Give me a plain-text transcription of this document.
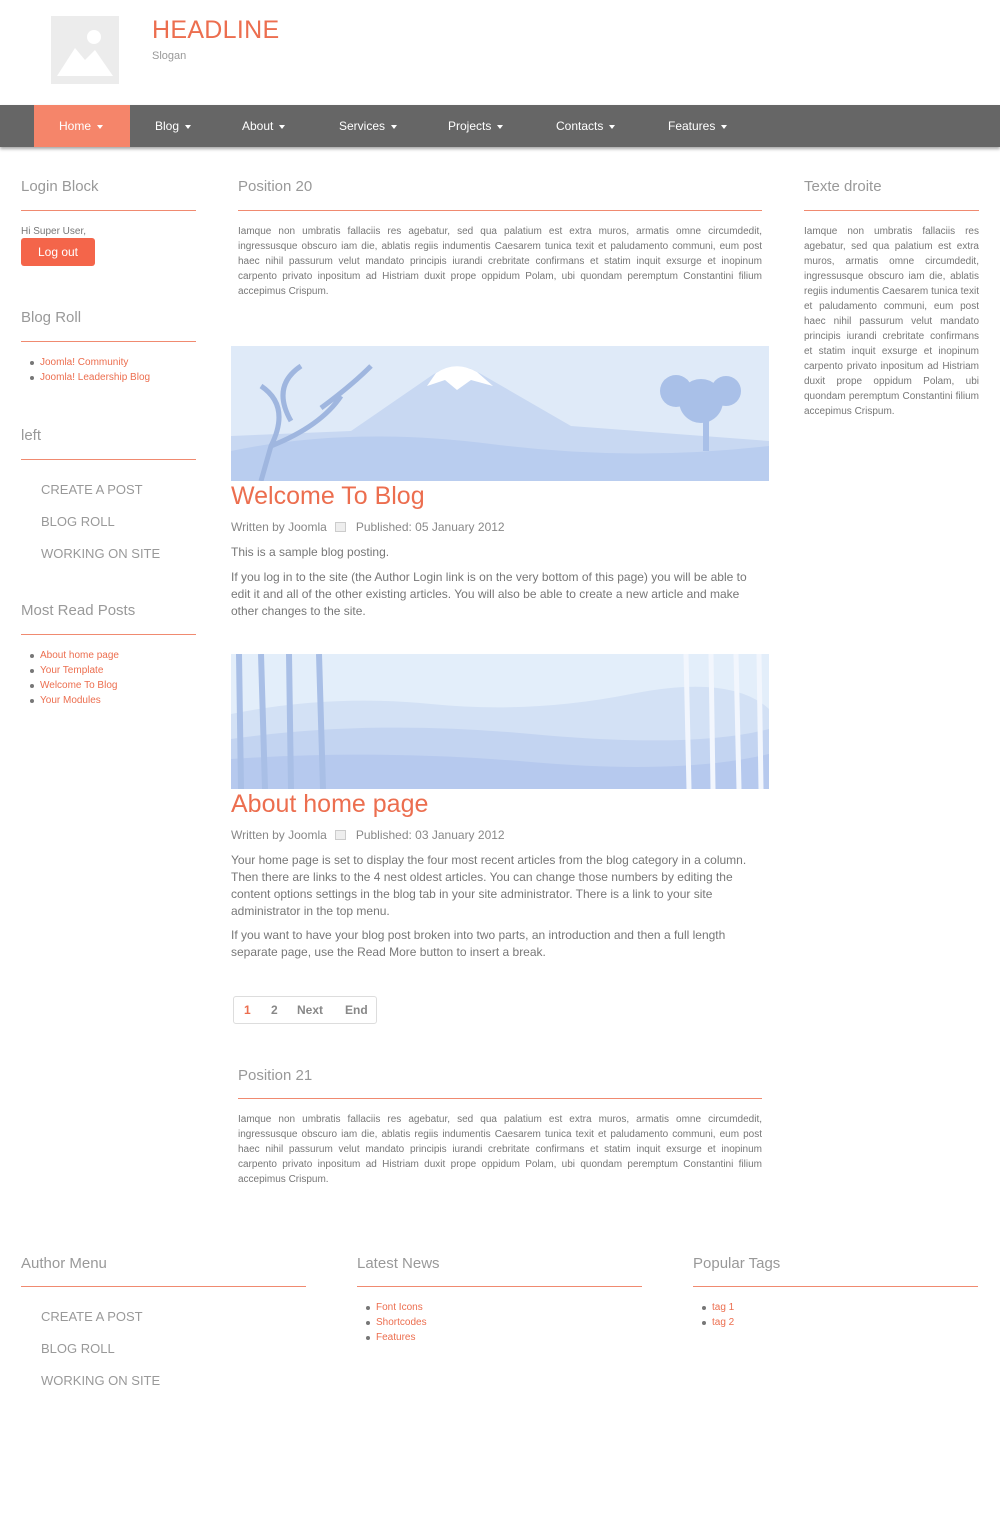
HEADLINE
Slogan
Home	Blog	About	Services	Projects	Contacts	Features
Login Block
Hi Super User,
Log out
Blog Roll
Joomla! Community
Joomla! Leadership Blog
left
CREATE A POST
BLOG ROLL
WORKING ON SITE
Most Read Posts
About home page
Your Template
Welcome To Blog
Your Modules
Position 20
Iamque non umbratis fallaciis res agebatur, sed qua palatium est extra muros, armatis omne circumdedit, ingressusque obscuro iam die, ablatis regiis indumentis Caesarem tunica texit et paludamento communi, eum post haec nihil passurum velut mandato principis iurandi crebritate confirmans et statim inquit exsurge et inopinum carpento privato inpositum ad Histriam duxit prope oppidum Polam, ubi quondam peremptum Constantini filium accepimus Crispum.
Welcome To Blog
Written by Joomla Published: 05 January 2012
This is a sample blog posting.
If you log in to the site (the Author Login link is on the very bottom of this page) you will be able to edit it and all of the other existing articles. You will also be able to create a new article and make other changes to the site.
About home page
Written by Joomla Published: 03 January 2012
Your home page is set to display the four most recent articles from the blog category in a column. Then there are links to the 4 nest oldest articles. You can change those numbers by editing the content options settings in the blog tab in your site administrator. There is a link to your site administrator in the top menu.
If you want to have your blog post broken into two parts, an introduction and then a full length separate page, use the Read More button to insert a break.
1 2 Next End
Position 21
Iamque non umbratis fallaciis res agebatur, sed qua palatium est extra muros, armatis omne circumdedit, ingressusque obscuro iam die, ablatis regiis indumentis Caesarem tunica texit et paludamento communi, eum post haec nihil passurum velut mandato principis iurandi crebritate confirmans et statim inquit exsurge et inopinum carpento privato inpositum ad Histriam duxit prope oppidum Polam, ubi quondam peremptum Constantini filium accepimus Crispum.
Texte droite
Iamque non umbratis fallaciis res agebatur, sed qua palatium est extra muros, armatis omne circumdedit, ingressusque obscuro iam die, ablatis regiis indumentis Caesarem tunica texit et paludamento communi, eum post haec nihil passurum velut mandato principis iurandi crebritate confirmans et statim inquit exsurge et inopinum carpento privato inpositum ad Histriam duxit prope oppidum Polam, ubi quondam peremptum Constantini filium accepimus Crispum.
Author Menu
CREATE A POST
BLOG ROLL
WORKING ON SITE
Latest News
Font Icons
Shortcodes
Features
Popular Tags
tag 1
tag 2
